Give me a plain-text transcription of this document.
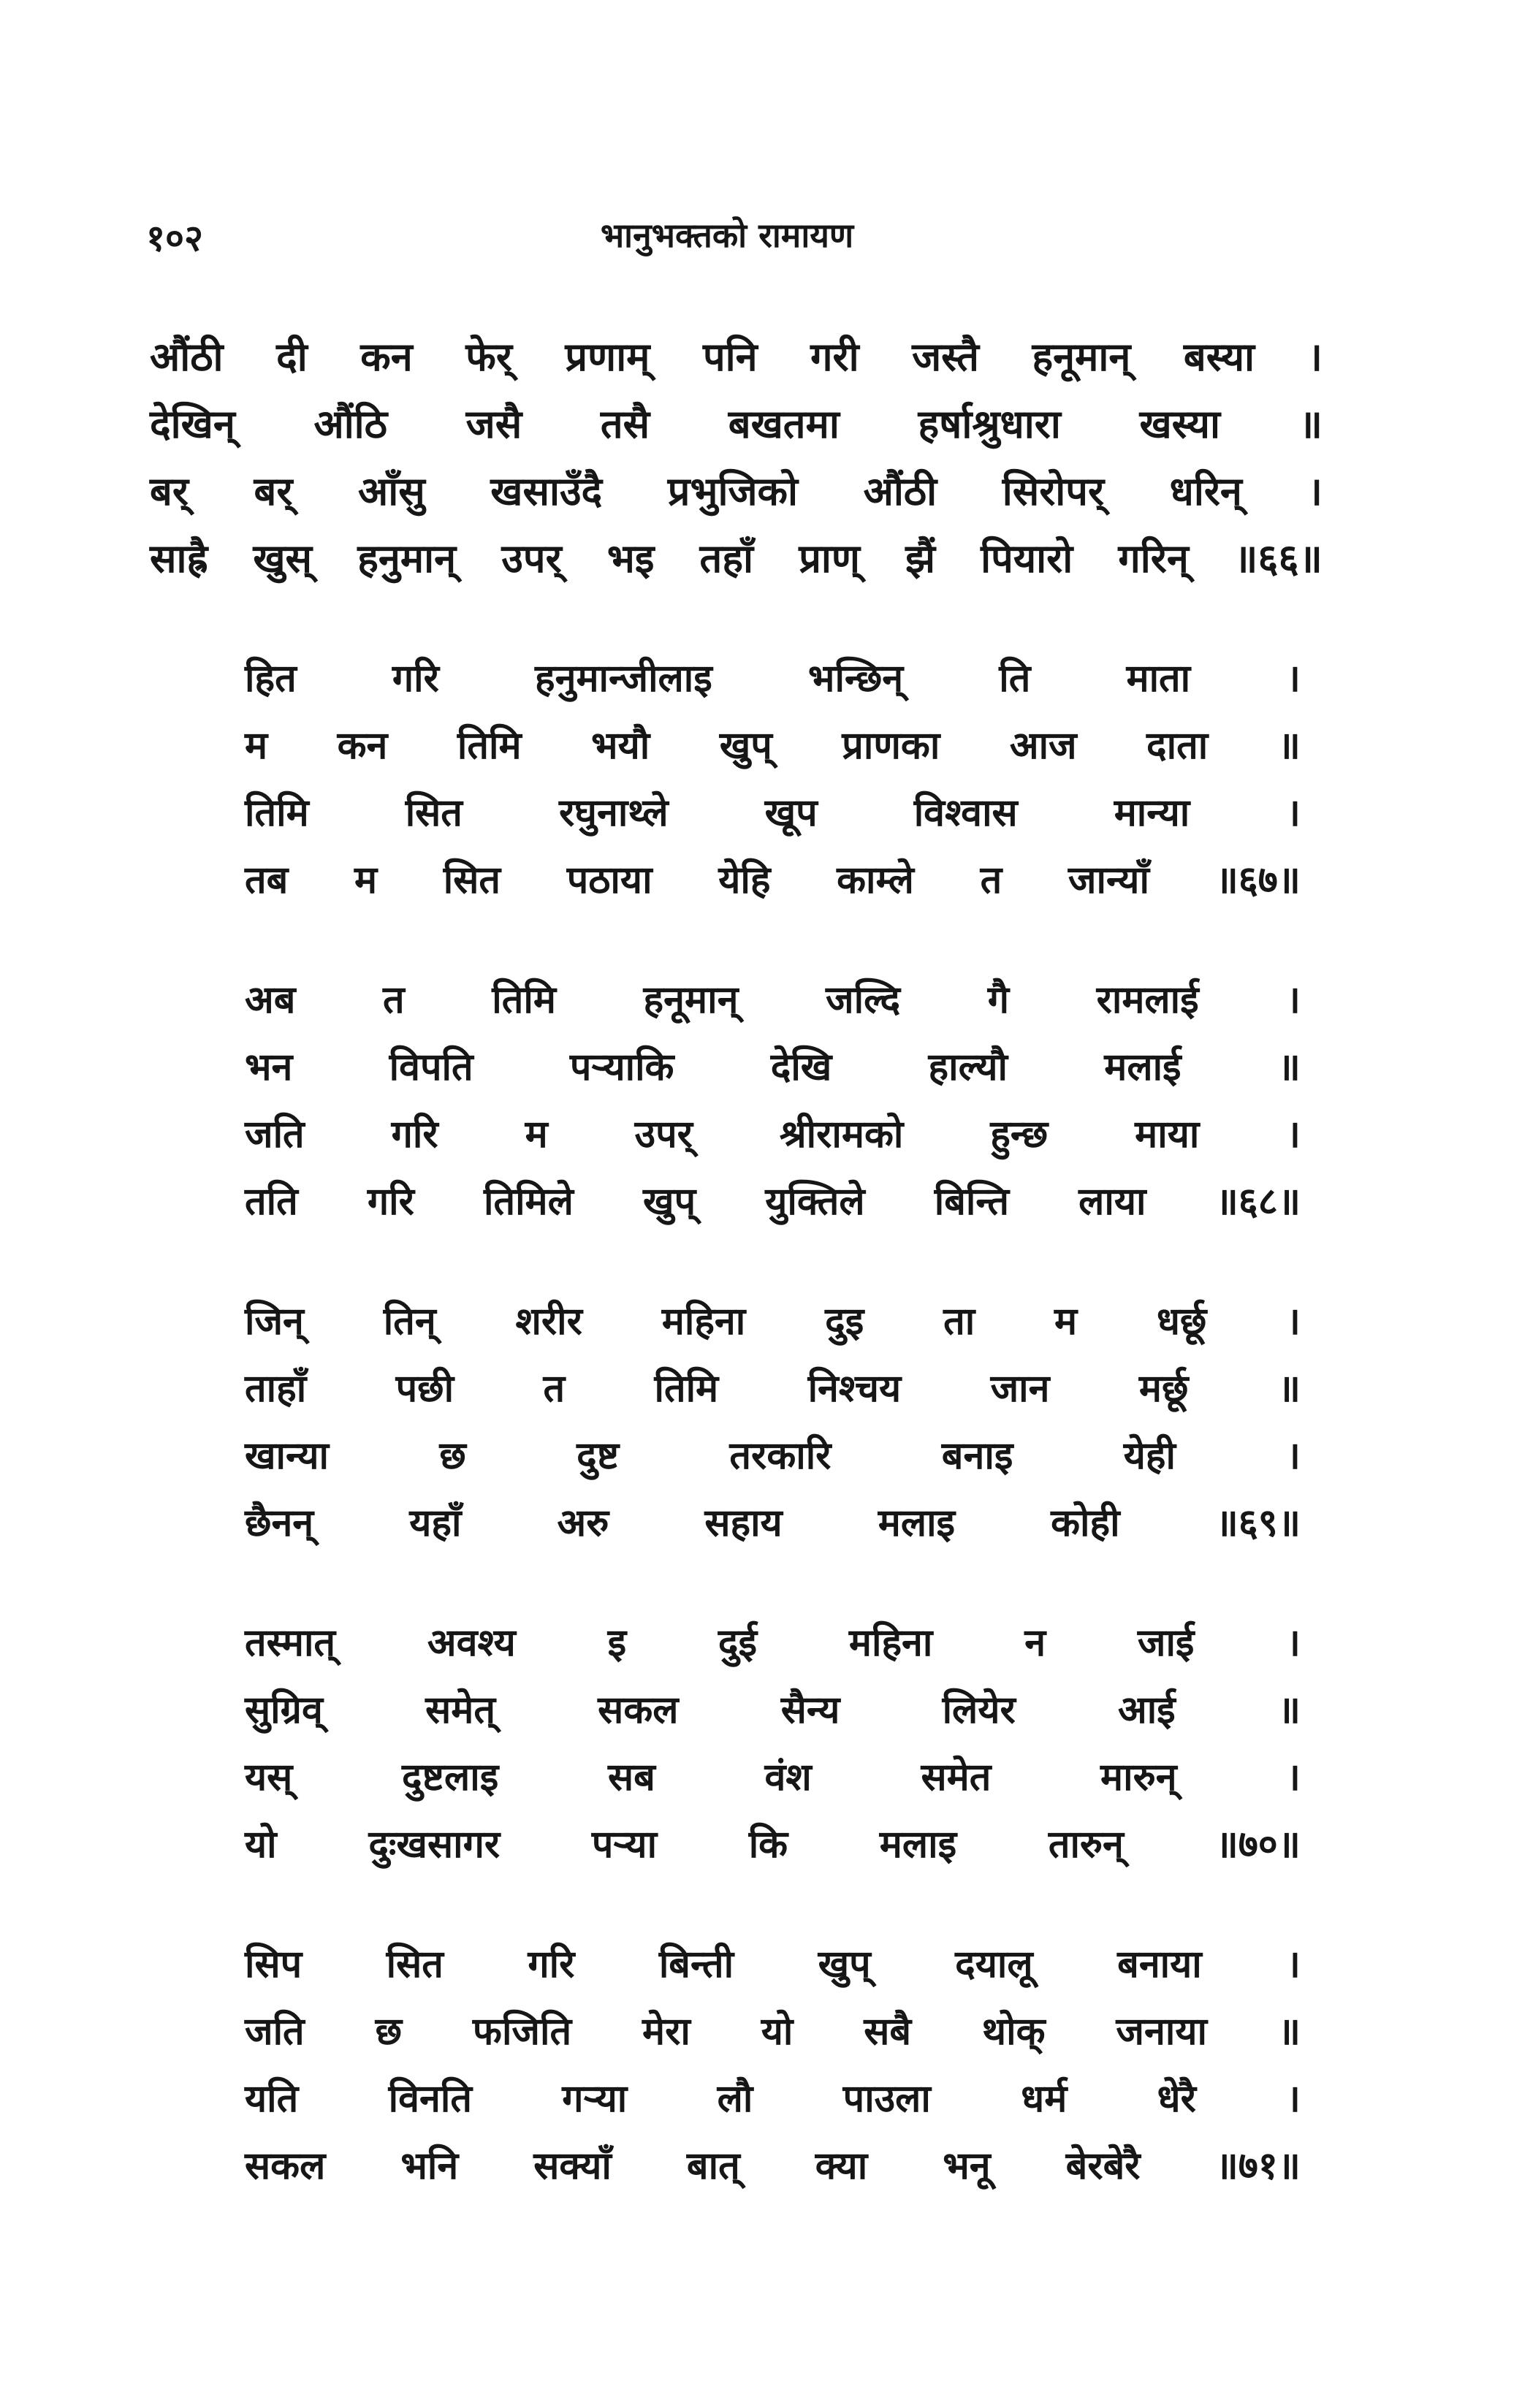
१०२	भानुभक्तको रामायण
औंठी दी कन फेर् प्रणाम् पनि गरी जस्तै हनूमान् बस्या ।
देखिन् औंठि जसै तसै बखतमा हर्षाश्रुधारा खस्या ॥
बर् बर् आँसु खसाउँदै प्रभुजिको औंठी सिरोपर् धरिन् ।
साह्रै खुस् हनुमान् उपर् भइ तहाँ प्राण् झैं पियारो गरिन् ॥६६॥
हित	गरि	हनुमान्जीलाइ	भन्छिन्	ति	माता	।
म कन तिमि भयौ खुप् प्राणका आज दाता ॥
तिमि	सित	रघुनाथ्ले	खूप	विश्वास	मान्या	।
तब म सित पठाया येहि काम्ले त जान्याँ ॥६७॥
अब त तिमि हनूमान् जल्दि गै रामलाई ।
भन	विपति	पऱ्याकि	देखि	हाल्यौ	मलाई	॥
जति गरि म उपर् श्रीरामको हुन्छ माया ।
तति गरि तिमिले खुप् युक्तिले बिन्ति लाया ॥६८॥
जिन् तिन् शरीर महिना दुइ ता म धर्छू ।
ताहाँ पछी त तिमि निश्चय जान मर्छू ॥
खान्या	छ	दुष्ट	तरकारि	बनाइ	येही	।
छैनन्	यहाँ	अरु	सहाय	मलाइ	कोही	॥६९॥
तस्मात् अवश्य इ दुई महिना न जाई ।
सुग्रिव्	समेत्	सकल	सैन्य	लियेर	आई	॥
यस्	दुष्टलाइ	सब	वंश	समेत	मारुन्	।
यो दुःखसागर पऱ्या कि मलाइ तारुन् ॥७०॥
सिप सित गरि बिन्ती खुप् दयालू बनाया ।
जति छ फजिति मेरा यो सबै थोक् जनाया ॥
यति विनति गऱ्या लौ पाउला धर्म धेरै ।
सकल भनि सक्याँ बात् क्या भनू बेरबेरै ॥७१॥
